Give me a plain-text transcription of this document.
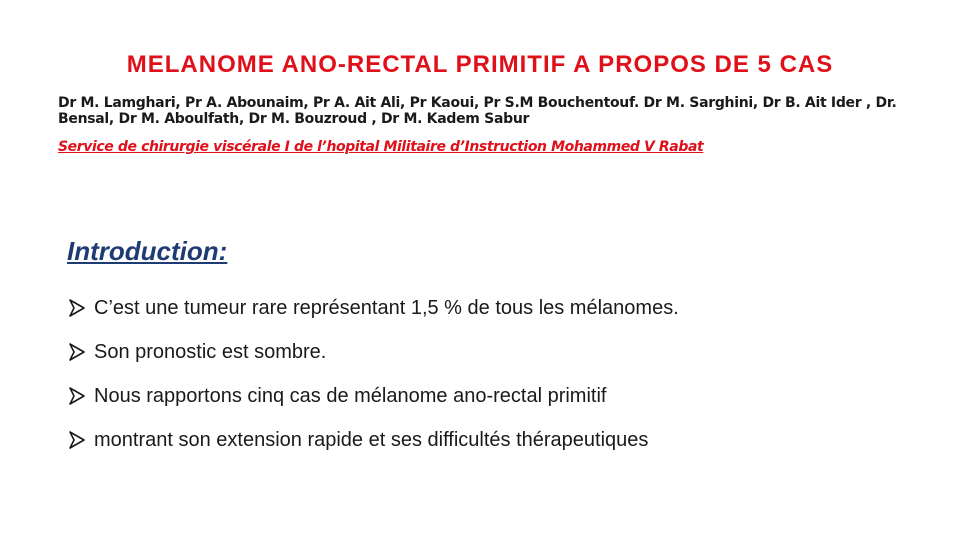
MELANOME ANO-RECTAL PRIMITIF A PROPOS DE 5 CAS
Dr M. Lamghari, Pr A. Abounaim, Pr A. Ait Ali, Pr Kaoui, Pr S.M Bouchentouf. Dr M. Sarghini, Dr B. Ait Ider , Dr. Bensal, Dr M. Aboulfath, Dr M. Bouzroud , Dr M. Kadem Sabur
Service de chirurgie viscérale I de l’hopital Militaire d’Instruction Mohammed V Rabat
Introduction:
C’est une tumeur rare représentant 1,5 % de tous les mélanomes.
Son pronostic est sombre.
Nous rapportons cinq cas de mélanome ano-rectal primitif
montrant son extension rapide et ses difficultés thérapeutiques
